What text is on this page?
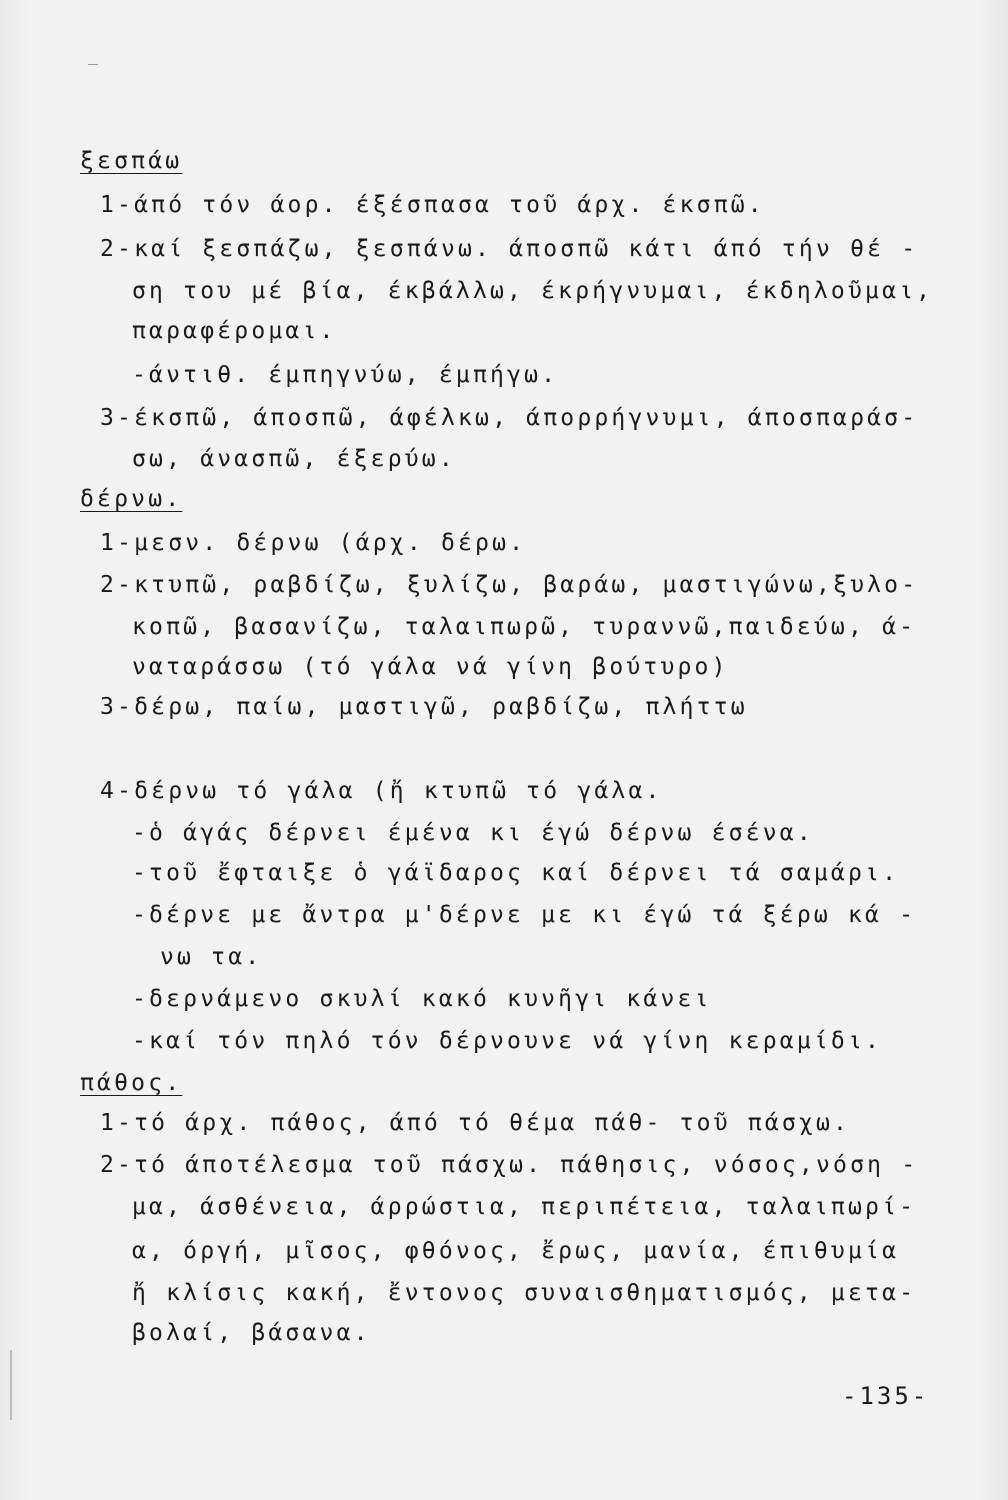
ξεσπάω
1-άπό τόν άορ. έξέσπασα τοῦ άρχ. έκσπῶ.
2-καί ξεσπάζω, ξεσπάνω. άποσπῶ κάτι άπό τήν θέ -
ση του μέ βία, έκβάλλω, έκρήγνυμαι, έκδηλοῦμαι,
παραφέρομαι.
-άντιθ. έμπηγνύω, έμπήγω.
3-έκσπῶ, άποσπῶ, άφέλκω, άπορρήγνυμι, άποσπαράσ-
σω, άνασπῶ, έξερύω.
δέρνω.
1-μεσν. δέρνω (άρχ. δέρω.
2-κτυπῶ, ραβδίζω, ξυλίζω, βαράω, μαστιγώνω,ξυλο-
κοπῶ, βασανίζω, ταλαιπωρῶ, τυραννῶ,παιδεύω, ά-
ναταράσσω (τό γάλα νά γίνη βούτυρο)
3-δέρω, παίω, μαστιγῶ, ραβδίζω, πλήττω
4-δέρνω τό γάλα (ἤ κτυπῶ τό γάλα.
-ὁ άγάς δέρνει έμένα κι έγώ δέρνω έσένα.
-τοῦ ἔφταιξε ὁ γάϊδαρος καί δέρνει τά σαμάρι.
-δέρνε με ἄντρα μ'δέρνε με κι έγώ τά ξέρω κά -
νω τα.
-δερνάμενο σκυλί κακό κυνῆγι κάνει
-καί τόν πηλό τόν δέρνουνε νά γίνη κεραμίδι.
πάθος.
1-τό άρχ. πάθος, άπό τό θέμα πάθ- τοῦ πάσχω.
2-τό άποτέλεσμα τοῦ πάσχω. πάθησις, νόσος,νόση -
μα, άσθένεια, άρρώστια, περιπέτεια, ταλαιπωρί-
α, όργή, μῖσος, φθόνος, ἔρως, μανία, έπιθυμία
ἤ κλίσις κακή, ἔντονος συναισθηματισμός, μετα-
βολαί, βάσανα.
-135-
